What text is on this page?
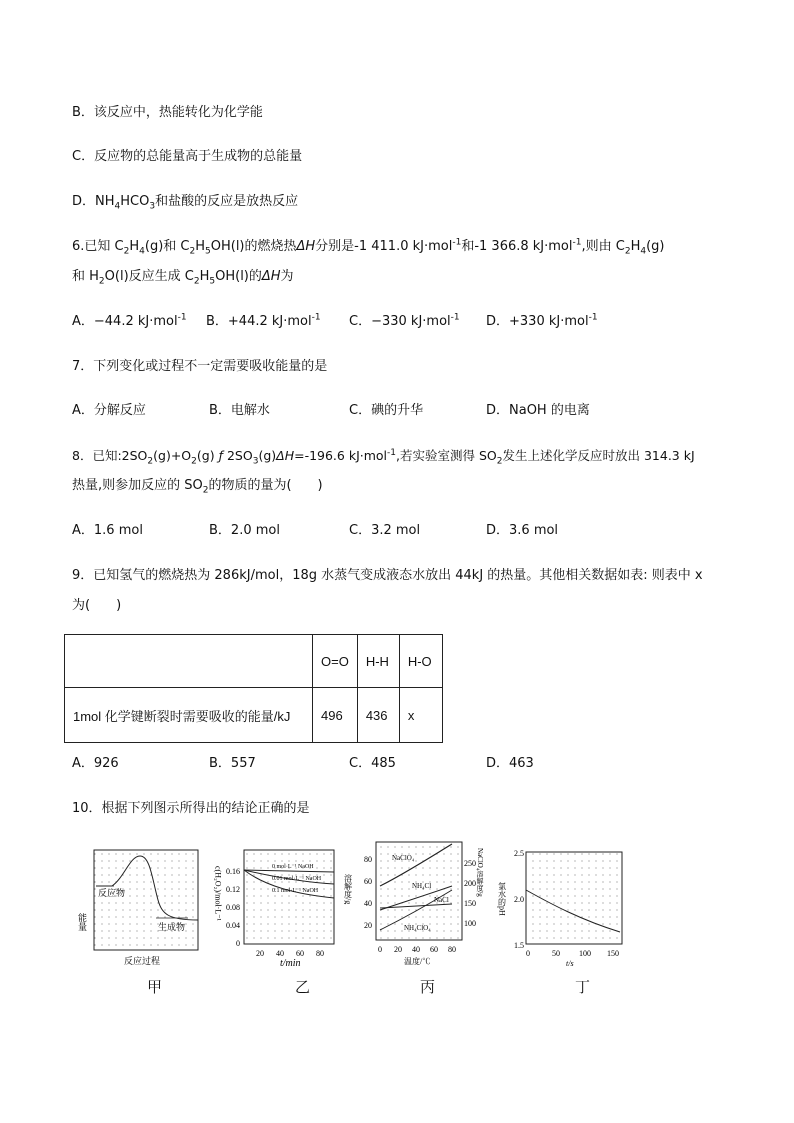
B．该反应中，热能转化为化学能
C．反应物的总能量高于生成物的总能量
D．$NH_4HCO_3$和盐酸的反应是放热反应
6.已知 $C_2H_4(g)$和 $C_2H_5OH(l)$的燃烧热ΔH分别是-1 411.0 kJ·mol$^{-1}$和-1 366.8 kJ·mol$^{-1}$,则由 $C_2H_4(g)$
和 $H_2O(l)$反应生成 $C_2H_5OH(l)$的ΔH为
A．−44.2 kJ·mol$^{-1}$ B．+44.2 kJ·mol$^{-1}$ C．−330 kJ·mol$^{-1}$ D．+330 kJ·mol$^{-1}$
7．下列变化或过程不一定需要吸收能量的是
A．分解反应	B．电解水	C．碘的升华	D．NaOH 的电离
8．已知$:2SO_2(g)+O_2(g)$ ƒ $2SO_3(g)\Delta H=-196.6$ kJ·mol$^{-1}$,若实验室测得 $SO_2$发生上述化学反应时放出 314.3 kJ
热量,则参加反应的 $SO_2$的物质的量为(　　)
A．1.6 mol	B．2.0 mol	C．3.2 mol	D．3.6 mol
9．已知氢气的燃烧热为 286kJ/mol，18g 水蒸气变成液态水放出 44kJ 的热量。其他相关数据如表: 则表中 x
为(　　)
	O=O	H-H	H-O
1mol 化学键断裂时需要吸收的能量/kJ	496	436	x
A．926	B．557	C．485	D．463
10．根据下列图示所得出的结论正确的是
反应物
生成物
能量
反应过程
0.16
0.12
0.08
0.04
0
20 40 60 80
0 mol·L⁻¹ NaOH
0.01 mol·L⁻¹ NaOH
0.1 mol·L⁻¹ NaOH
c(H₂O₂)/mol·L⁻¹
t/min
80
60
40
20
250
200
150
100
0 20 40 60 80
NaClO₄
NH₄Cl
NaCl
NH₄ClO₄
溶解度/g	NaClO₄溶解度/g
温度/℃
2.5
2.0
1.5
0	50 100 150
氯水的pH
t/s
甲	乙	丙	丁
